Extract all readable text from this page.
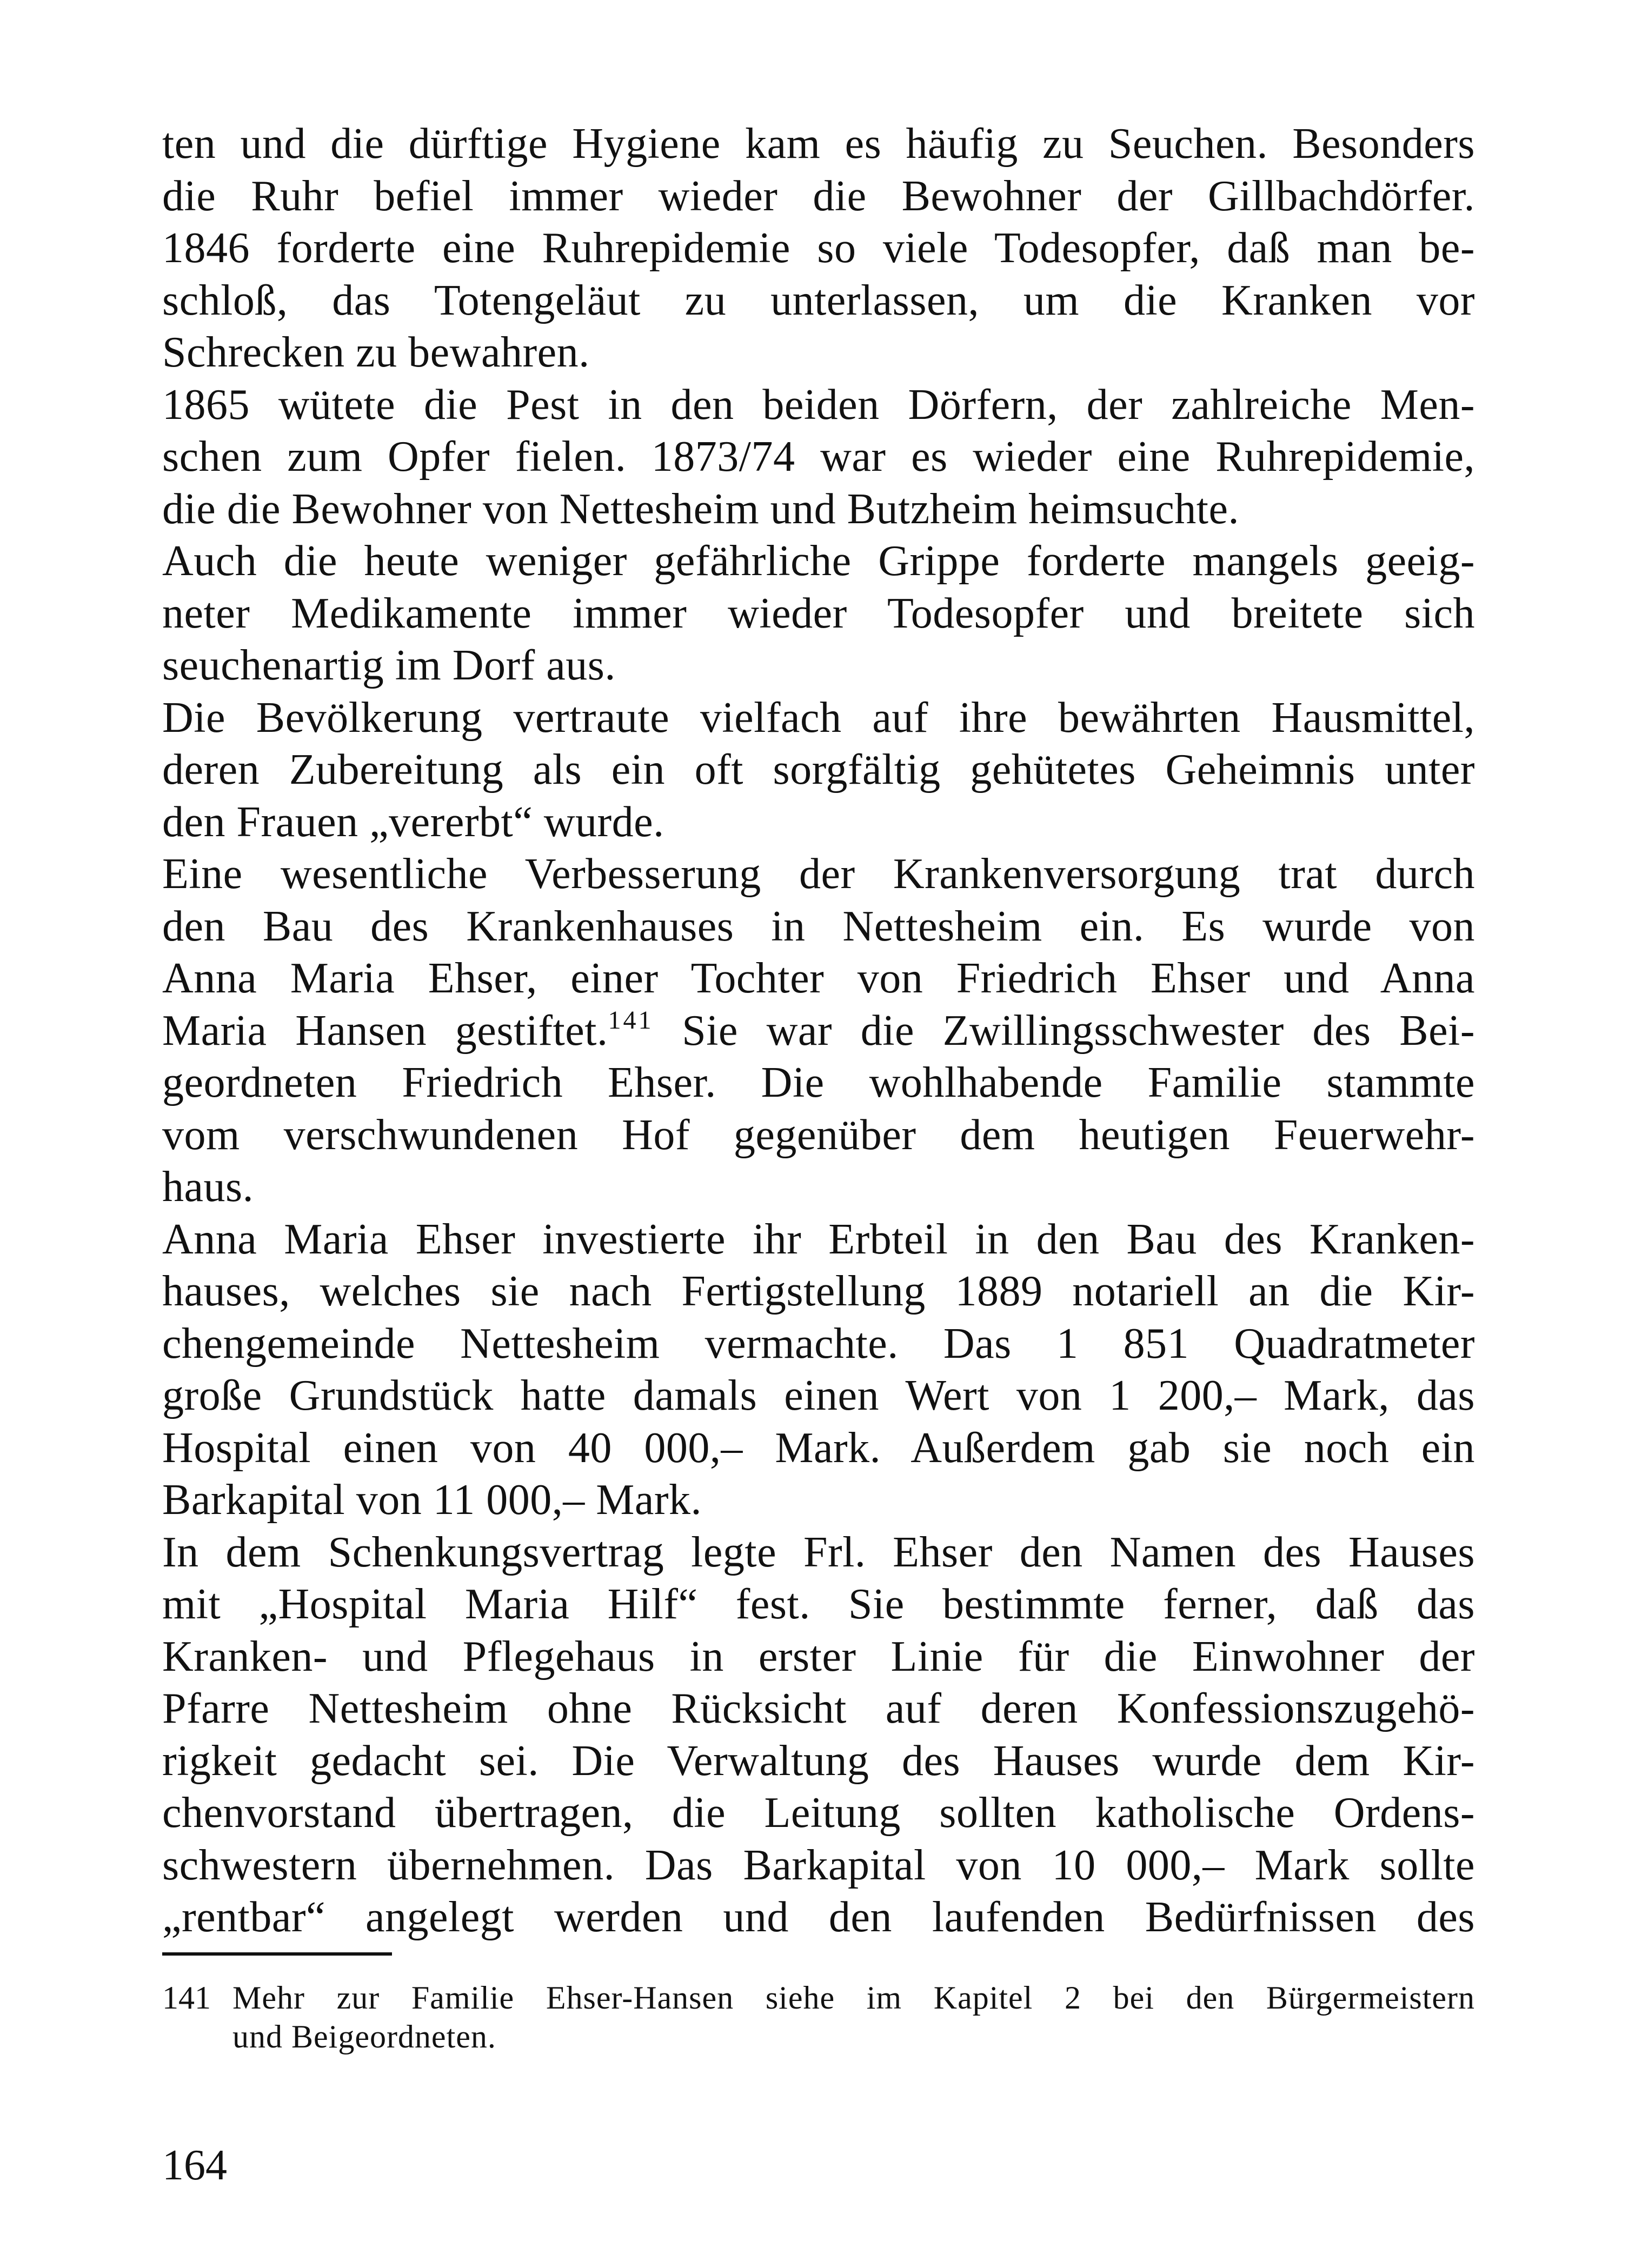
ten und die dürftige Hygiene kam es häufig zu Seuchen. Besonders
die Ruhr befiel immer wieder die Bewohner der Gillbachdörfer.
1846 forderte eine Ruhrepidemie so viele Todesopfer, daß man be-
schloß, das Totengeläut zu unterlassen, um die Kranken vor
Schrecken zu bewahren.
1865 wütete die Pest in den beiden Dörfern, der zahlreiche Men-
schen zum Opfer fielen. 1873/74 war es wieder eine Ruhrepidemie,
die die Bewohner von Nettesheim und Butzheim heimsuchte.
Auch die heute weniger gefährliche Grippe forderte mangels geeig-
neter Medikamente immer wieder Todesopfer und breitete sich
seuchenartig im Dorf aus.
Die Bevölkerung vertraute vielfach auf ihre bewährten Hausmittel,
deren Zubereitung als ein oft sorgfältig gehütetes Geheimnis unter
den Frauen „vererbt“ wurde.
Eine wesentliche Verbesserung der Krankenversorgung trat durch
den Bau des Krankenhauses in Nettesheim ein. Es wurde von
Anna Maria Ehser, einer Tochter von Friedrich Ehser und Anna
Maria Hansen gestiftet.$^{141}$ Sie war die Zwillingsschwester des Bei-
geordneten Friedrich Ehser. Die wohlhabende Familie stammte
vom verschwundenen Hof gegenüber dem heutigen Feuerwehr-
haus.
Anna Maria Ehser investierte ihr Erbteil in den Bau des Kranken-
hauses, welches sie nach Fertigstellung 1889 notariell an die Kir-
chengemeinde Nettesheim vermachte. Das 1 851 Quadratmeter
große Grundstück hatte damals einen Wert von 1 200,– Mark, das
Hospital einen von 40 000,– Mark. Außerdem gab sie noch ein
Barkapital von 11 000,– Mark.
In dem Schenkungsvertrag legte Frl. Ehser den Namen des Hauses
mit „Hospital Maria Hilf“ fest. Sie bestimmte ferner, daß das
Kranken- und Pflegehaus in erster Linie für die Einwohner der
Pfarre Nettesheim ohne Rücksicht auf deren Konfessionszugehö-
rigkeit gedacht sei. Die Verwaltung des Hauses wurde dem Kir-
chenvorstand übertragen, die Leitung sollten katholische Ordens-
schwestern übernehmen. Das Barkapital von 10 000,– Mark sollte
„rentbar“ angelegt werden und den laufenden Bedürfnissen des
141 Mehr zur Familie Ehser-Hansen siehe im Kapitel 2 bei den Bürgermeistern
und Beigeordneten.
164
